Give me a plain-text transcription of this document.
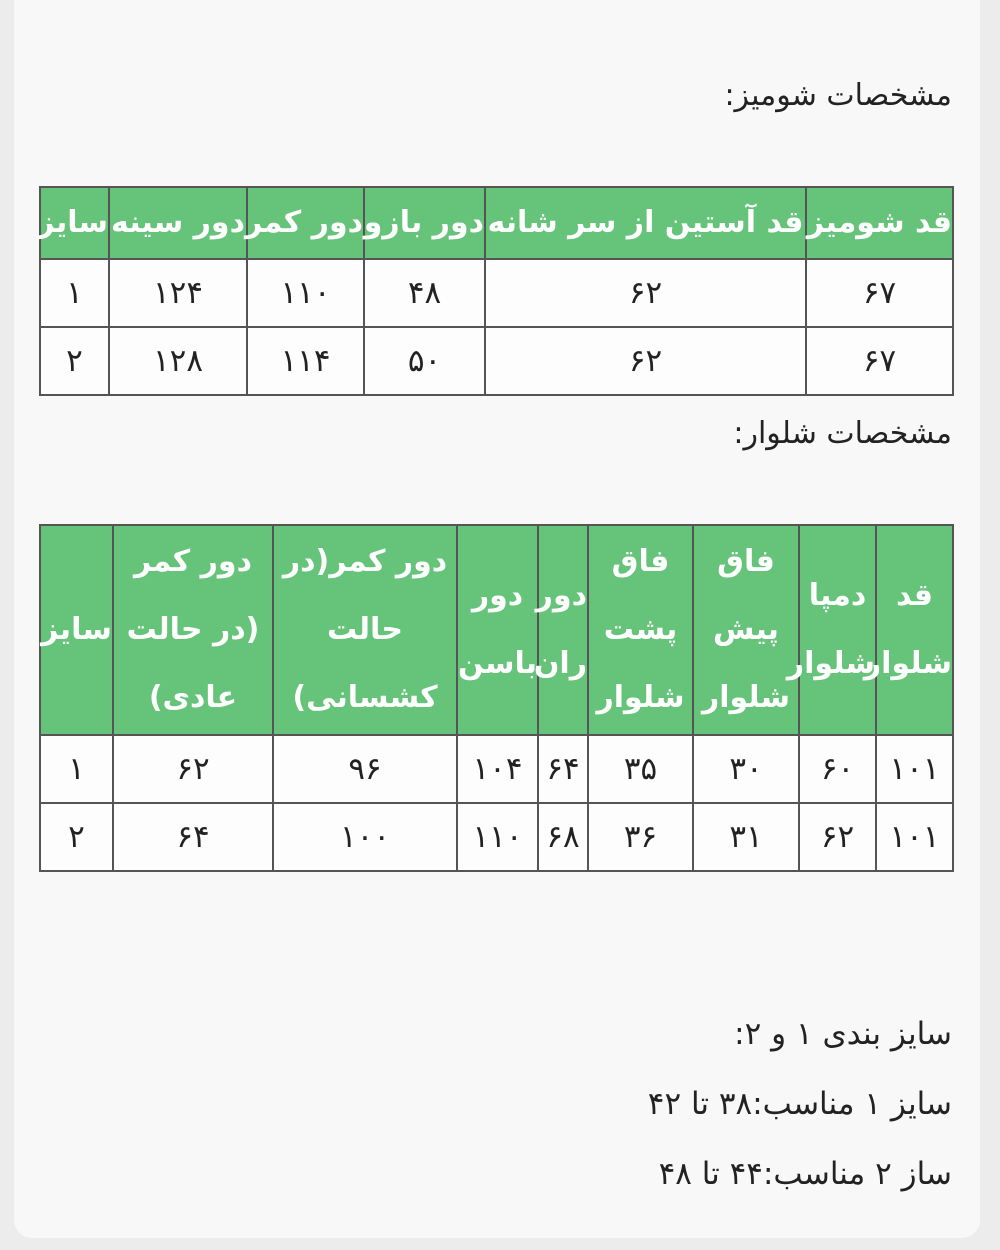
مشخصات شومیز:
قد شومیز	قد آستین از سر شانه	دور بازو	دور کمر	دور سینه	سایز
۶۷	۶۲	۴۸	۱۱۰	۱۲۴	۱
۶۷	۶۲	۵۰	۱۱۴	۱۲۸	۲
مشخصات شلوار:
قد شلوار	دمپا شلوار	فاق پیش شلوار	فاق پشت شلوار	دور ران	دور باسن	دور کمر(در حالت کشسانی)	دور کمر (در حالت عادی)	سایز
۱۰۱	۶۰	۳۰	۳۵	۶۴	۱۰۴	۹۶	۶۲	۱
۱۰۱	۶۲	۳۱	۳۶	۶۸	۱۱۰	۱۰۰	۶۴	۲
سایز بندی ۱ و ۲:
سایز ۱ مناسب:۳۸ تا ۴۲
ساز ۲ مناسب:۴۴ تا ۴۸
